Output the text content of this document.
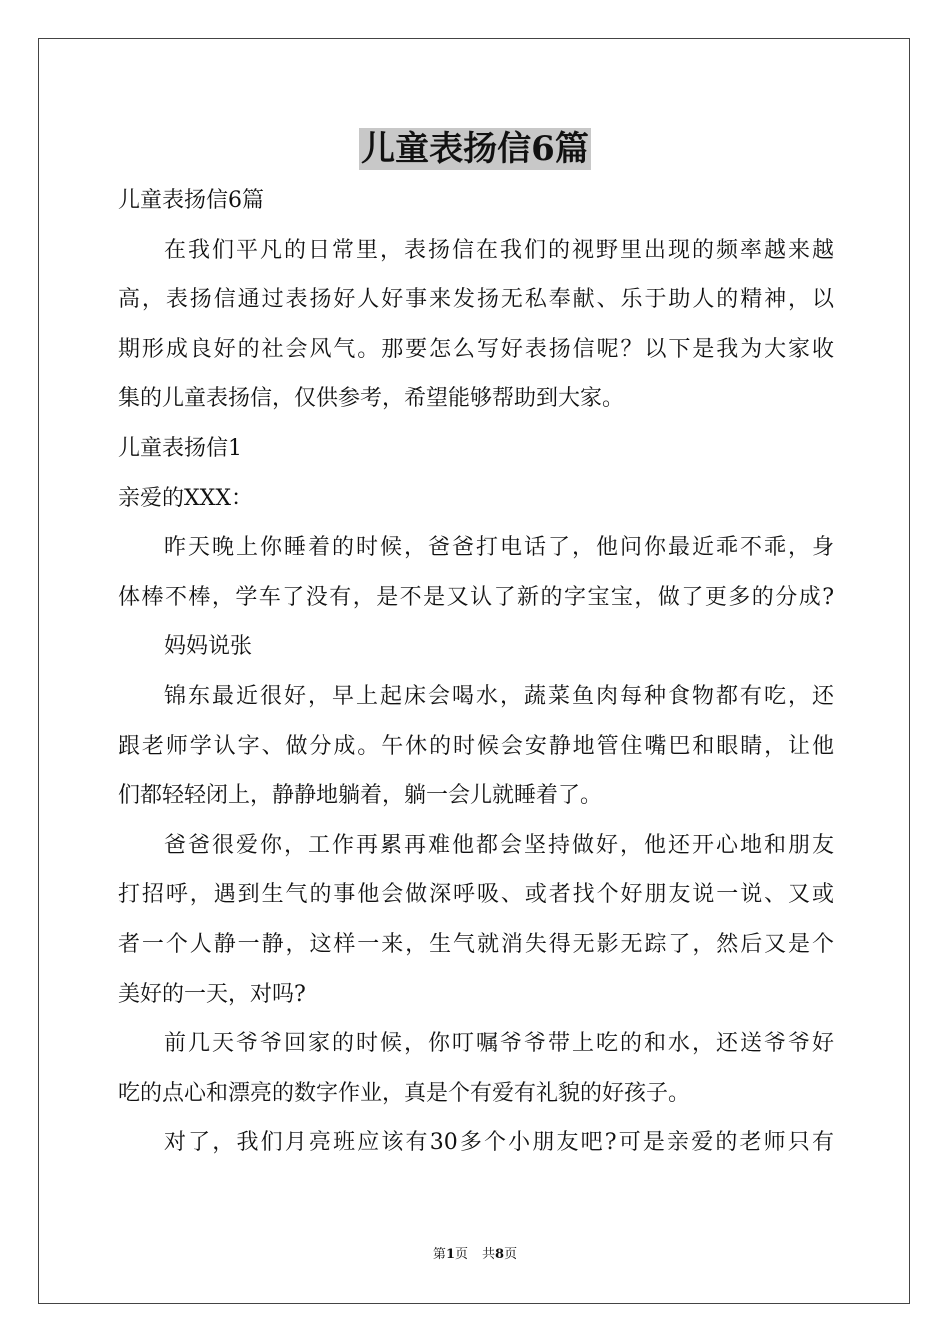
儿童表扬信6篇
儿童表扬信6篇
在我们平凡的日常里，表扬信在我们的视野里出现的频率越来越
高，表扬信通过表扬好人好事来发扬无私奉献、乐于助人的精神，以
期形成良好的社会风气。那要怎么写好表扬信呢？以下是我为大家收
集的儿童表扬信，仅供参考，希望能够帮助到大家。
儿童表扬信1
亲爱的XXX：
昨天晚上你睡着的时候，爸爸打电话了，他问你最近乖不乖，身
体棒不棒，学车了没有，是不是又认了新的字宝宝，做了更多的分成?
妈妈说张
锦东最近很好，早上起床会喝水，蔬菜鱼肉每种食物都有吃，还
跟老师学认字、做分成。午休的时候会安静地管住嘴巴和眼睛，让他
们都轻轻闭上，静静地躺着，躺一会儿就睡着了。
爸爸很爱你，工作再累再难他都会坚持做好，他还开心地和朋友
打招呼，遇到生气的事他会做深呼吸、或者找个好朋友说一说、又或
者一个人静一静，这样一来，生气就消失得无影无踪了，然后又是个
美好的一天，对吗?
前几天爷爷回家的时候，你叮嘱爷爷带上吃的和水，还送爷爷好
吃的点心和漂亮的数字作业，真是个有爱有礼貌的好孩子。
对了，我们月亮班应该有30多个小朋友吧?可是亲爱的老师只有
第1页 共8页
